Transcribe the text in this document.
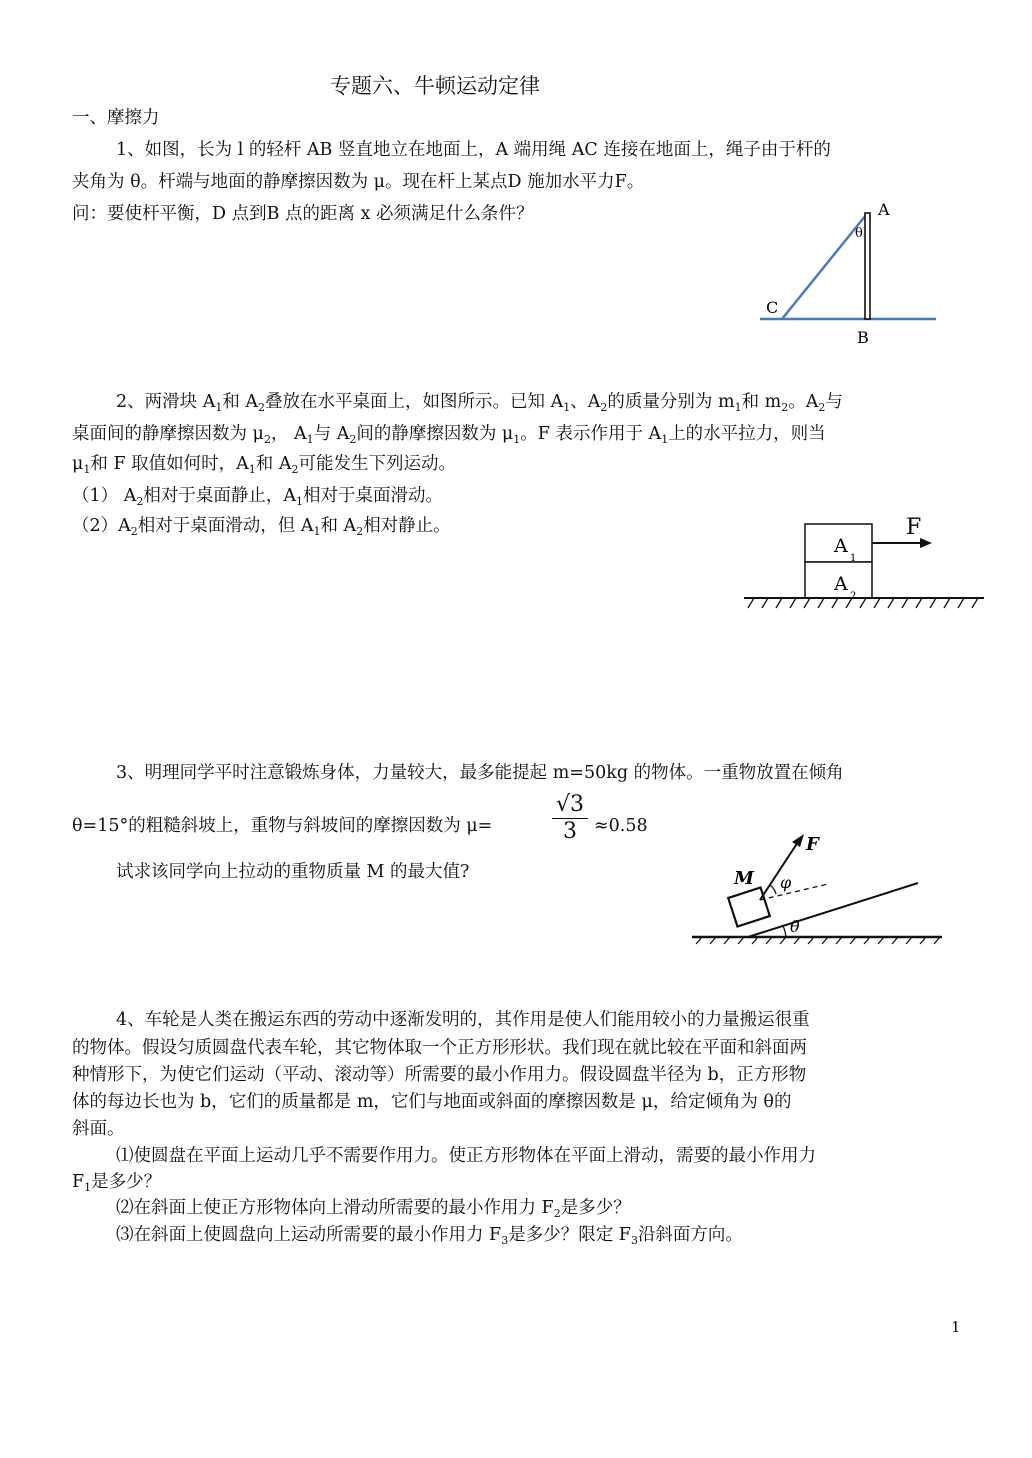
专题六、牛顿运动定律
一、摩擦力
1、如图，长为 l 的轻杆 AB 竖直地立在地面上，A 端用绳 AC 连接在地面上，绳子由于杆的
夹角为 θ。杆端与地面的静摩擦因数为 μ。现在杆上某点D 施加水平力F。
问：要使杆平衡，D 点到B 点的距离 x 必须满足什么条件？	A
θ
C
B
2、两滑块 $A_1$和 $A_2$叠放在水平桌面上，如图所示。已知 $A_1$、$A_2$的质量分别为 $m_1$和 $m_2$。$A_2$与
桌面间的静摩擦因数为 $\mu_2$， $A_1$与 $A_2$间的静摩擦因数为 $\mu_1$。F 表示作用于 $A_1$上的水平拉力，则当
$\mu_1$和 F 取值如何时，$A_1$和 $A_2$可能发生下列运动。
（1） $A_2$相对于桌面静止，$A_1$相对于桌面滑动。
$(2)A_2$相对于桌面滑动，但 $A_1$和 $A_2$相对静止。	F
A
1
A
2
3、明理同学平时注意锻炼身体，力量较大，最多能提起 m=50kg 的物体。一重物放置在倾角
θ=15°的粗糙斜坡上，重物与斜坡间的摩擦因数为 μ=
√3
3 ≈0.58
试求该同学向上拉动的重物质量 M 的最大值?	M
F
φ
θ
4、车轮是人类在搬运东西的劳动中逐渐发明的，其作用是使人们能用较小的力量搬运很重
的物体。假设匀质圆盘代表车轮，其它物体取一个正方形形状。我们现在就比较在平面和斜面两
种情形下，为使它们运动（平动、滚动等）所需要的最小作用力。假设圆盘半径为 b，正方形物
体的每边长也为 b，它们的质量都是 m，它们与地面或斜面的摩擦因数是 μ，给定倾角为 θ的
斜面。
⑴使圆盘在平面上运动几乎不需要作用力。使正方形物体在平面上滑动，需要的最小作用力
$F_1$是多少？
⑵在斜面上使正方形物体向上滑动所需要的最小作用力 $F_2$是多少？
⑶在斜面上使圆盘向上运动所需要的最小作用力 $F_3$是多少？限定 $F_3$沿斜面方向。
1
